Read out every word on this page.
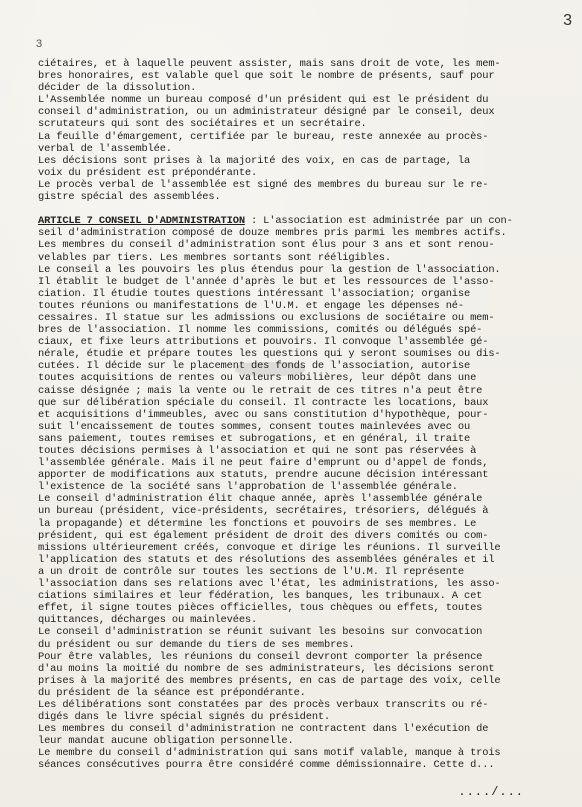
3
3
ciétaires, et à laquelle peuvent assister, mais sans droit de vote, les mem-
bres honoraires, est valable quel que soit le nombre de présents, sauf pour
décider de la dissolution.
L'Assemblée nomme un bureau composé d'un président qui est le président du
conseil d'administration, ou un administrateur désigné par le conseil, deux
scrutateurs qui sont des sociétaires et un secrétaire.
La feuille d'émargement, certifiée par le bureau, reste annexée au procès-
verbal de l'assemblée.
Les décisions sont prises à la majorité des voix, en cas de partage, la
voix du président est prépondérante.
Le procès verbal de l'assemblée est signé des membres du bureau sur le re-
gistre spécial des assemblées.
ARTICLE 7 CONSEIL D'ADMINISTRATION : L'association est administrée par un con-
seil d'administration composé de douze membres pris parmi les membres actifs.
Les membres du conseil d'administration sont élus pour 3 ans et sont renou-
velables par tiers. Les membres sortants sont rééligibles.
Le conseil a les pouvoirs les plus étendus pour la gestion de l'association.
Il établit le budget de l'année d'après le but et les ressources de l'asso-
ciation. Il étudie toutes questions intéressant l'association; organise
toutes réunions ou manifestations de l'U.M. et engage les dépenses né-
cessaires. Il statue sur les admissions ou exclusions de sociétaire ou mem-
bres de l'association. Il nomme les commissions, comités ou délégués spé-
ciaux, et fixe leurs attributions et pouvoirs. Il convoque l'assemblée gé-
nérale, étudie et prépare toutes les questions qui y seront soumises ou dis-
cutées. Il décide sur le placement des fonds de l'association, autorise
toutes acquisitions de rentes ou valeurs mobilières, leur dépôt dans une
caisse désignée ; mais la vente ou le retrait de ces titres n'a peut être
que sur délibération spéciale du conseil. Il contracte les locations, baux
et acquisitions d'immeubles, avec ou sans constitution d'hypothèque, pour-
suit l'encaissement de toutes sommes, consent toutes mainlevées avec ou
sans paiement, toutes remises et subrogations, et en général, il traite
toutes décisions permises à l'association et qui ne sont pas réservées à
l'assemblée générale. Mais il ne peut faire d'emprunt ou d'appel de fonds,
apporter de modifications aux statuts, prendre aucune décision intéressant
l'existence de la société sans l'approbation de l'assemblée générale.
Le conseil d'administration élit chaque année, après l'assemblée générale
un bureau (président, vice-présidents, secrétaires, trésoriers, délégués à
la propagande) et détermine les fonctions et pouvoirs de ses membres. Le
président, qui est également président de droit des divers comités ou com-
missions ultérieurement créés, convoque et dirige les réunions. Il surveille
l'application des statuts et des résolutions des assemblées générales et il
a un droit de contrôle sur toutes les sections de l'U.M. Il représente
l'association dans ses relations avec l'état, les administrations, les asso-
ciations similaires et leur fédération, les banques, les tribunaux. A cet
effet, il signe toutes pièces officielles, tous chèques ou effets, toutes
quittances, décharges ou mainlevées.
Le conseil d'administration se réunit suivant les besoins sur convocation
du président ou sur demande du tiers de ses membres.
Pour être valables, les réunions du conseil devront comporter la présence
d'au moins la moitié du nombre de ses administrateurs, les décisions seront
prises à la majorité des membres présents, en cas de partage des voix, celle
du président de la séance est prépondérante.
Les délibérations sont constatées par des procès verbaux transcrits ou ré-
digés dans le livre spécial signés du président.
Les membres du conseil d'administration ne contractent dans l'exécution de
leur mandat aucune obligation personnelle.
Le membre du conseil d'administration qui sans motif valable, manque à trois
séances consécutives pourra être considéré comme démissionnaire. Cette d...
..../...
